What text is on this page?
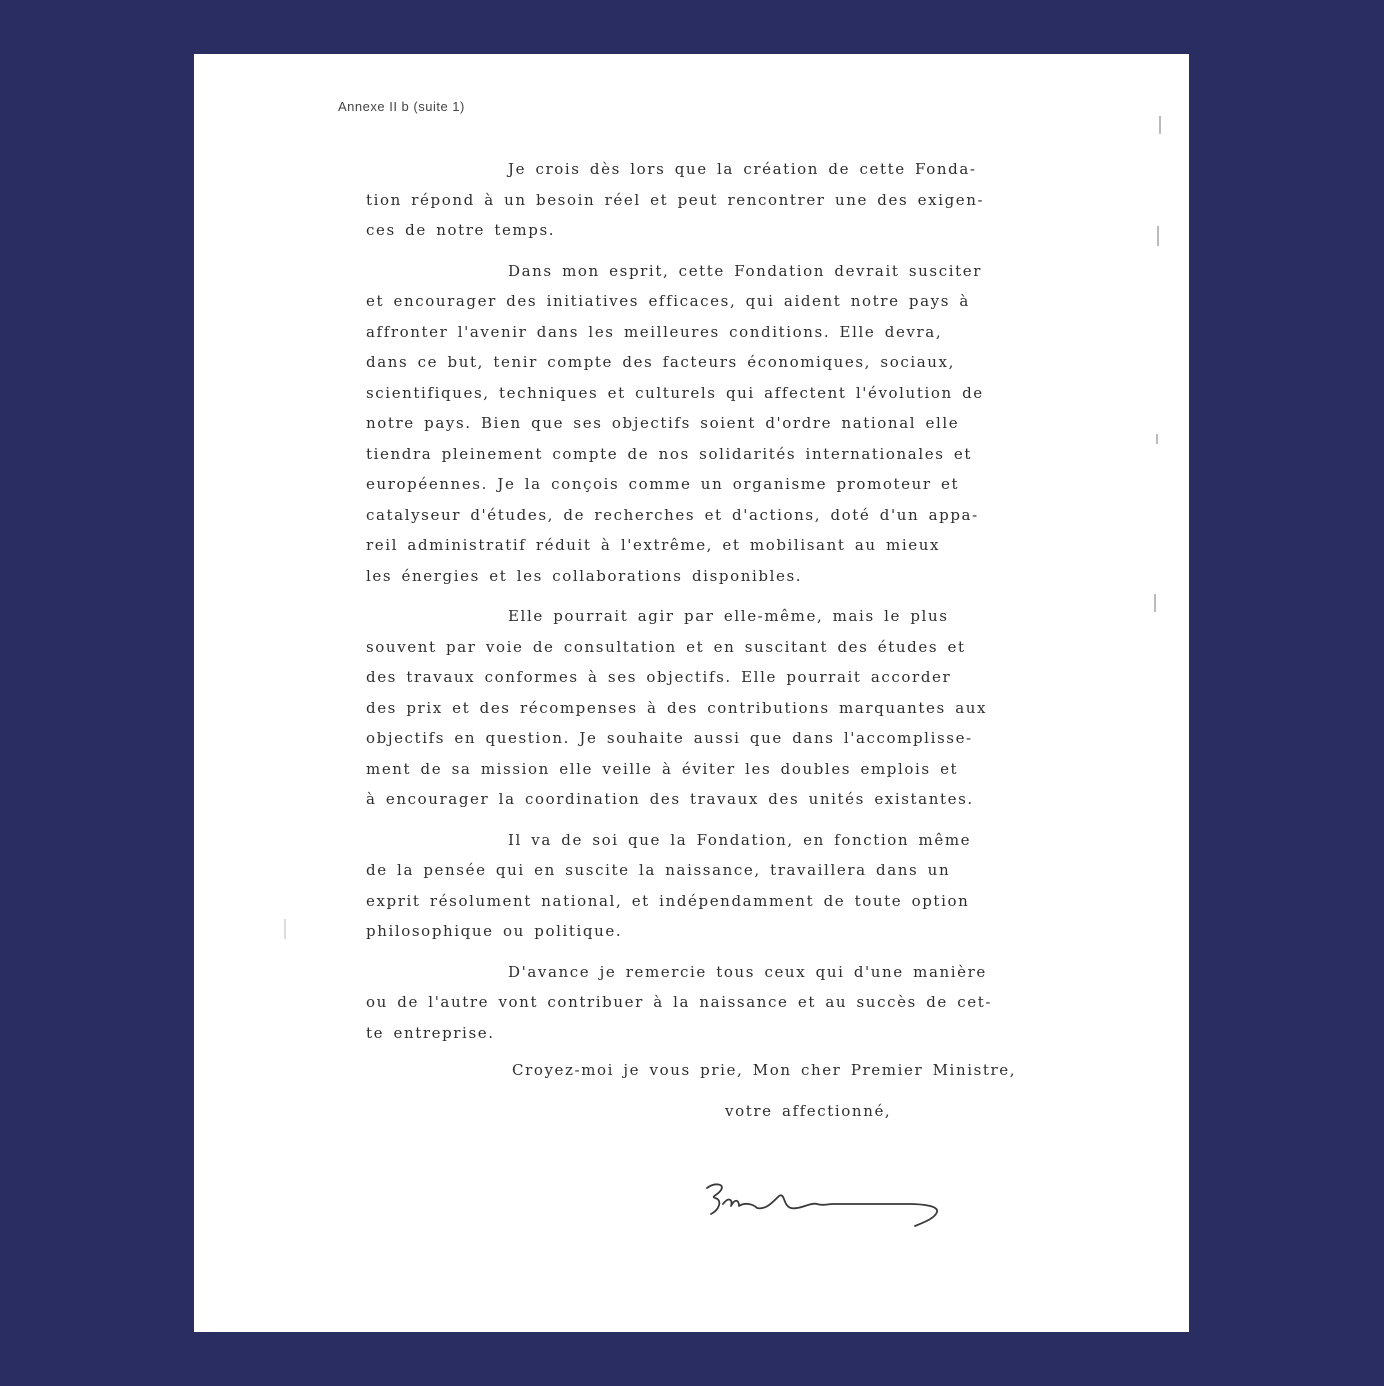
Annexe II b (suite 1)
Je crois dès lors que la création de cette Fonda-
tion répond à un besoin réel et peut rencontrer une des exigen-
ces de notre temps.
Dans mon esprit, cette Fondation devrait susciter
et encourager des initiatives efficaces, qui aident notre pays à
affronter l'avenir dans les meilleures conditions. Elle devra,
dans ce but, tenir compte des facteurs économiques, sociaux,
scientifiques, techniques et culturels qui affectent l'évolution de
notre pays. Bien que ses objectifs soient d'ordre national elle
tiendra pleinement compte de nos solidarités internationales et
européennes. Je la conçois comme un organisme promoteur et
catalyseur d'études, de recherches et d'actions, doté d'un appa-
reil administratif réduit à l'extrême, et mobilisant au mieux
les énergies et les collaborations disponibles.
Elle pourrait agir par elle-même, mais le plus
souvent par voie de consultation et en suscitant des études et
des travaux conformes à ses objectifs. Elle pourrait accorder
des prix et des récompenses à des contributions marquantes aux
objectifs en question. Je souhaite aussi que dans l'accomplisse-
ment de sa mission elle veille à éviter les doubles emplois et
à encourager la coordination des travaux des unités existantes.
Il va de soi que la Fondation, en fonction même
de la pensée qui en suscite la naissance, travaillera dans un
exprit résolument national, et indépendamment de toute option
philosophique ou politique.
D'avance je remercie tous ceux qui d'une manière
ou de l'autre vont contribuer à la naissance et au succès de cet-
te entreprise.
Croyez-moi je vous prie, Mon cher Premier Ministre,
votre affectionné,
